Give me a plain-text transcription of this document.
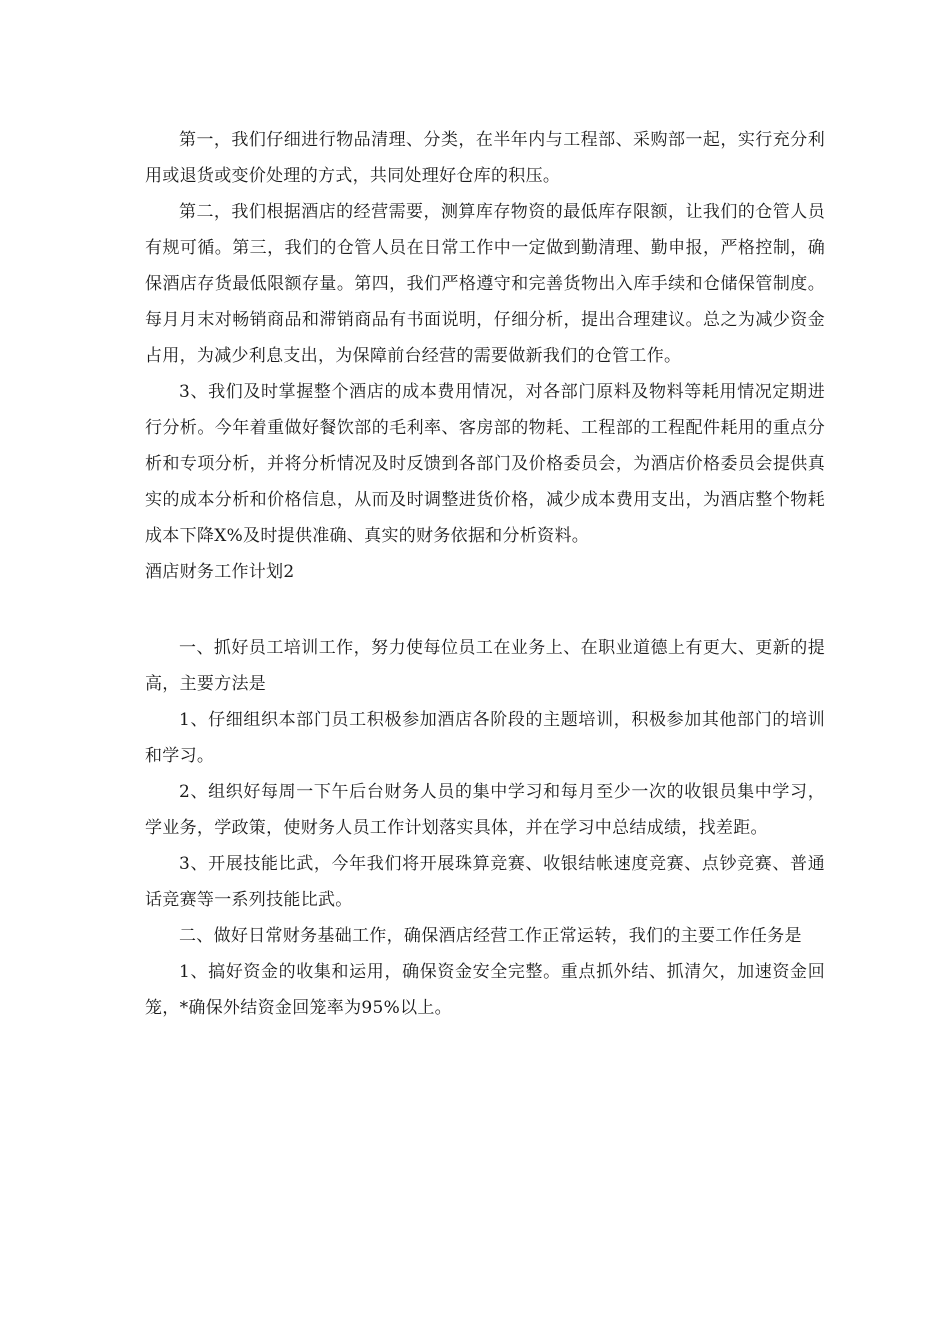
第一，我们仔细进行物品清理、分类，在半年内与工程部、采购部一起，实行充分利用或退货或变价处理的方式，共同处理好仓库的积压。

第二，我们根据酒店的经营需要，测算库存物资的最低库存限额，让我们的仓管人员有规可循。第三，我们的仓管人员在日常工作中一定做到勤清理、勤申报，严格控制，确保酒店存货最低限额存量。第四，我们严格遵守和完善货物出入库手续和仓储保管制度。每月月末对畅销商品和滞销商品有书面说明，仔细分析，提出合理建议。总之为减少资金占用，为减少利息支出，为保障前台经营的需要做新我们的仓管工作。

3、我们及时掌握整个酒店的成本费用情况，对各部门原料及物料等耗用情况定期进行分析。今年着重做好餐饮部的毛利率、客房部的物耗、工程部的工程配件耗用的重点分析和专项分析，并将分析情况及时反馈到各部门及价格委员会，为酒店价格委员会提供真实的成本分析和价格信息，从而及时调整进货价格，减少成本费用支出，为酒店整个物耗成本下降X%及时提供准确、真实的财务依据和分析资料。

酒店财务工作计划2

一、抓好员工培训工作，努力使每位员工在业务上、在职业道德上有更大、更新的提高，主要方法是

1、仔细组织本部门员工积极参加酒店各阶段的主题培训，积极参加其他部门的培训和学习。

2、组织好每周一下午后台财务人员的集中学习和每月至少一次的收银员集中学习，学业务，学政策，使财务人员工作计划落实具体，并在学习中总结成绩，找差距。

3、开展技能比武，今年我们将开展珠算竞赛、收银结帐速度竞赛、点钞竞赛、普通话竞赛等一系列技能比武。

二、做好日常财务基础工作，确保酒店经营工作正常运转，我们的主要工作任务是

1、搞好资金的收集和运用，确保资金安全完整。重点抓外结、抓清欠，加速资金回笼，*确保外结资金回笼率为95%以上。
